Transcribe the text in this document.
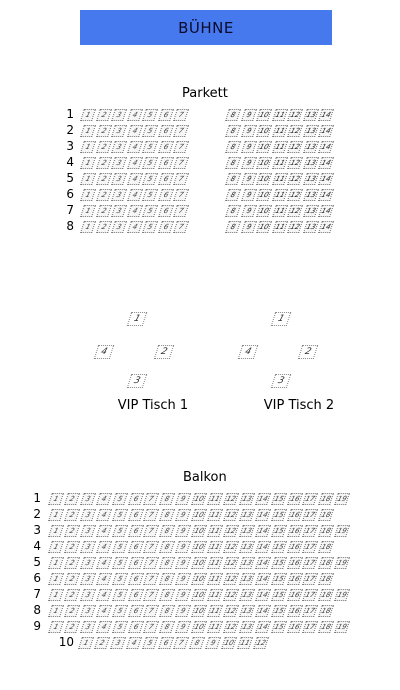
BÜHNE
Parkett
1	1	2	3	4	5	6	7	8	9 10 11 12 13 14
2	1	2	3	4	5	6	7	8	9 10 11 12 13 14
3	1	2	3	4	5	6	7	8	9 10 11 12 13 14
4	1	2	3	4	5	6	7	8	9 10 11 12 13 14
5	1	2	3	4	5	6	7	8	9 10 11 12 13 14
6	1	2	3	4	5	6	7	8	9 10 11 12 13 14
7	1	2	3	4	5	6	7	8	9 10 11 12 13 14
8	1	2	3	4	5	6	7	8	9 10 11 12 13 14
1
2
3
4
VIP Tisch 1
1
2
3
4
VIP Tisch 2
Balkon
1	1	2	3	4	5	6	7	8	9 10 11 12 13 14 15 16 17 18 19
2	1	2	3	4	5	6	7	8	9 10 11 12 13 14 15 16 17 18
3	1	2	3	4	5	6	7	8	9 10 11 12 13 14 15 16 17 18 19
4	1	2	3	4	5	6	7	8	9 10 11 12 13 14 15 16 17 18
5	1	2	3	4	5	6	7	8	9 10 11 12 13 14 15 16 17 18 19
6	1	2	3	4	5	6	7	8	9 10 11 12 13 14 15 16 17 18
7	1	2	3	4	5	6	7	8	9 10 11 12 13 14 15 16 17 18 19
8	1	2	3	4	5	6	7	8	9 10 11 12 13 14 15 16 17 18
9	1	2	3	4	5	6	7	8	9 10 11 12 13 14 15 16 17 18 19
10	1	2	3	4	5	6	7	8	9 10 11 12
